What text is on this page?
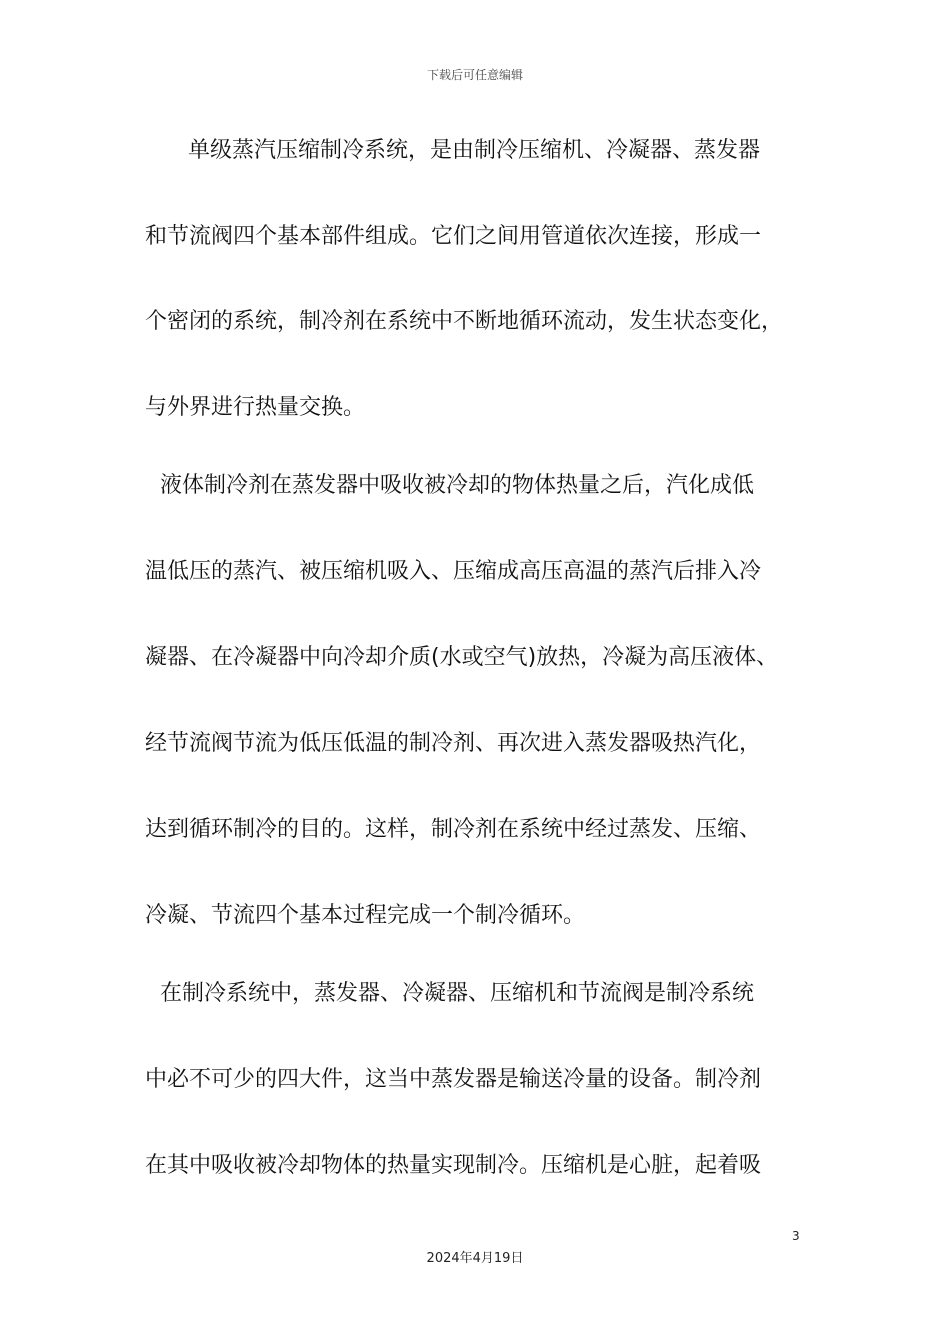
下载后可任意编辑
单级蒸汽压缩制冷系统，是由制冷压缩机、冷凝器、蒸发器
和节流阀四个基本部件组成。它们之间用管道依次连接，形成一
个密闭的系统，制冷剂在系统中不断地循环流动，发生状态变化，
与外界进行热量交换。
液体制冷剂在蒸发器中吸收被冷却的物体热量之后，汽化成低
温低压的蒸汽、被压缩机吸入、压缩成高压高温的蒸汽后排入冷
凝器、在冷凝器中向冷却介质(水或空气)放热，冷凝为高压液体、
经节流阀节流为低压低温的制冷剂、再次进入蒸发器吸热汽化，
达到循环制冷的目的。这样，制冷剂在系统中经过蒸发、压缩、
冷凝、节流四个基本过程完成一个制冷循环。
在制冷系统中，蒸发器、冷凝器、压缩机和节流阀是制冷系统
中必不可少的四大件，这当中蒸发器是输送冷量的设备。制冷剂
在其中吸收被冷却物体的热量实现制冷。压缩机是心脏，起着吸
3
2024年4月19日
